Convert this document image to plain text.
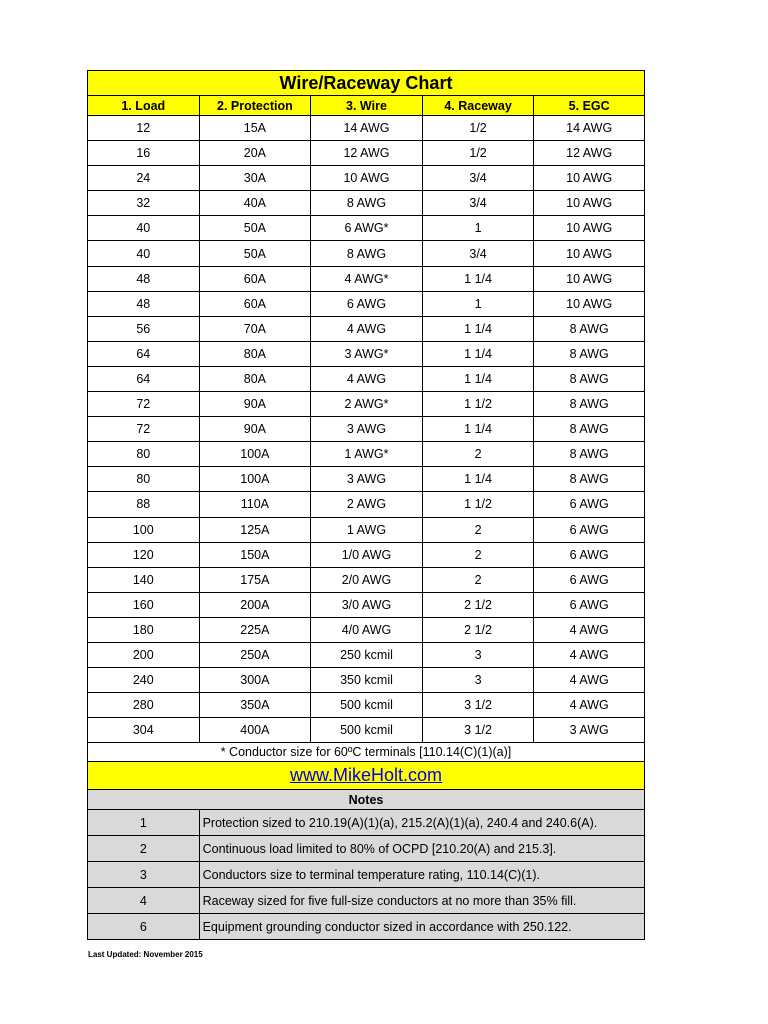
Wire/Raceway Chart
1. Load	2. Protection	3. Wire	4. Raceway	5. EGC
12	15A	14 AWG	1/2	14 AWG
16	20A	12 AWG	1/2	12 AWG
24	30A	10 AWG	3/4	10 AWG
32	40A	8 AWG	3/4	10 AWG
40	50A	6 AWG*	1	10 AWG
40	50A	8 AWG	3/4	10 AWG
48	60A	4 AWG*	1 1/4	10 AWG
48	60A	6 AWG	1	10 AWG
56	70A	4 AWG	1 1/4	8 AWG
64	80A	3 AWG*	1 1/4	8 AWG
64	80A	4 AWG	1 1/4	8 AWG
72	90A	2 AWG*	1 1/2	8 AWG
72	90A	3 AWG	1 1/4	8 AWG
80	100A	1 AWG*	2	8 AWG
80	100A	3 AWG	1 1/4	8 AWG
88	110A	2 AWG	1 1/2	6 AWG
100	125A	1 AWG	2	6 AWG
120	150A	1/0 AWG	2	6 AWG
140	175A	2/0 AWG	2	6 AWG
160	200A	3/0 AWG	2 1/2	6 AWG
180	225A	4/0 AWG	2 1/2	4 AWG
200	250A	250 kcmil	3	4 AWG
240	300A	350 kcmil	3	4 AWG
280	350A	500 kcmil	3 1/2	4 AWG
304	400A	500 kcmil	3 1/2	3 AWG
* Conductor size for 60ºC terminals [110.14(C)(1)(a)]
www.MikeHolt.com
Notes
1	Protection sized to 210.19(A)(1)(a), 215.2(A)(1)(a), 240.4 and 240.6(A).
2	Continuous load limited to 80% of OCPD [210.20(A) and 215.3].
3	Conductors size to terminal temperature rating, 110.14(C)(1).
4	Raceway sized for five full-size conductors at no more than 35% fill.
6	Equipment grounding conductor sized in accordance with 250.122.
Last Updated: November 2015
